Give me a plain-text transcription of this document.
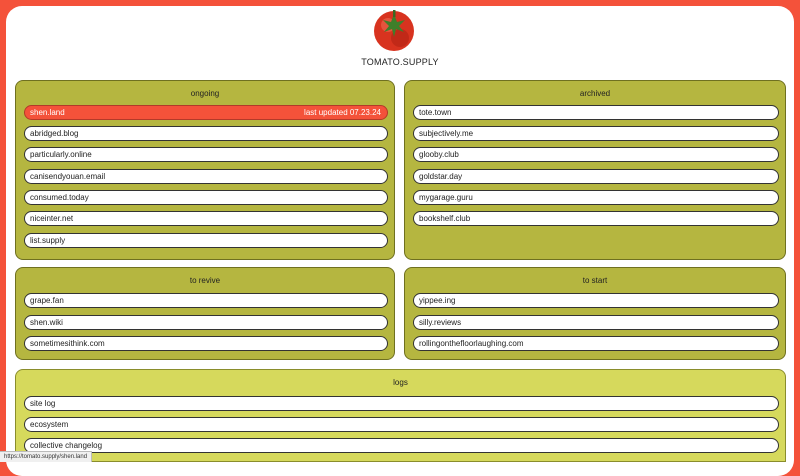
TOMATO.SUPPLY
ongoing
shen.land	last updated 07.23.24
abridged.blog
particularly.online
canisendyouan.email
consumed.today
niceinter.net
list.supply
archived
tote.town
subjectively.me
glooby.club
goldstar.day
mygarage.guru
bookshelf.club
to revive
grape.fan
shen.wiki
sometimesithink.com
to start
yippee.ing
silly.reviews
rollingonthefloorlaughing.com
logs
site log
ecosystem
collective changelog
https://tomato.supply/shen.land
